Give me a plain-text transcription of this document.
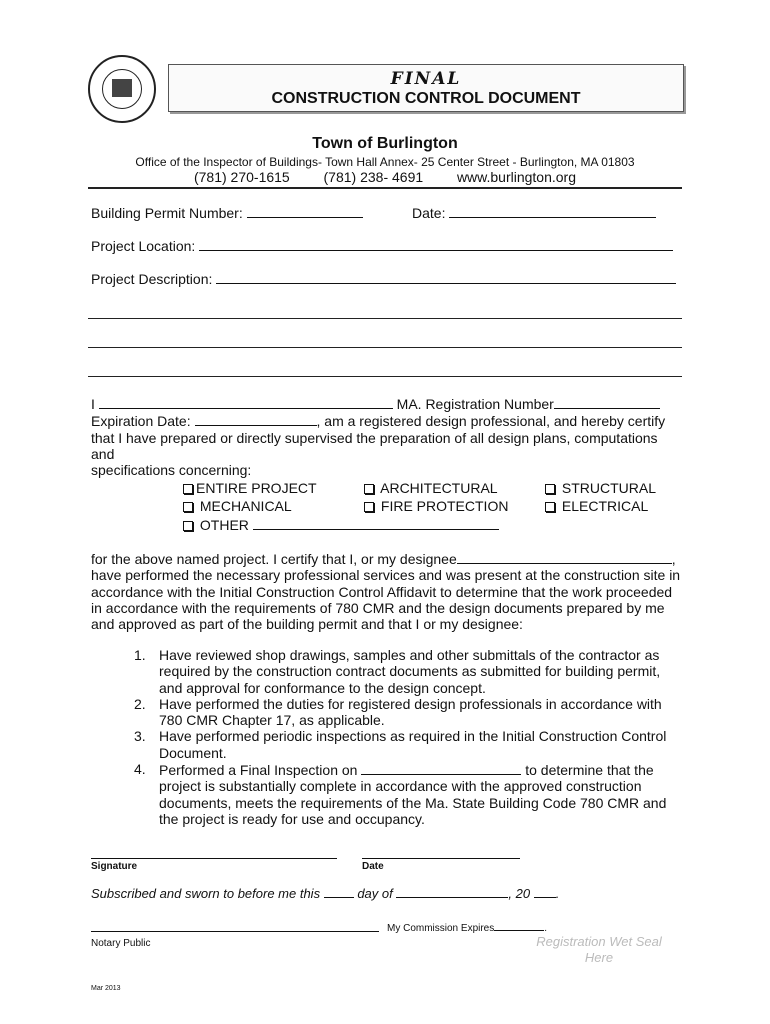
FINAL
CONSTRUCTION CONTROL DOCUMENT
Town of Burlington
Office of the Inspector of Buildings- Town Hall Annex- 25 Center Street - Burlington, MA 01803
(781) 270-1615 (781) 238- 4691 www.burlington.org
Building Permit Number:	Date:
Project Location:
Project Description:
I	MA. Registration Number
Expiration Date:	, am a registered design professional, and hereby certify
that I have prepared or directly supervised the preparation of all design plans, computations and
specifications concerning:
ENTIRE PROJECT	ARCHITECTURAL	STRUCTURAL
MECHANICAL	FIRE PROTECTION	ELECTRICAL
OTHER
for the above named project. I certify that I, or my designee	,
have performed the necessary professional services and was present at the construction site in
accordance with the Initial Construction Control Affidavit to determine that the work proceeded
in accordance with the requirements of 780 CMR and the design documents prepared by me
and approved as part of the building permit and that I or my designee:
1. Have reviewed shop drawings, samples and other submittals of the contractor as
required by the construction contract documents as submitted for building permit,
and approval for conformance to the design concept.
2. Have performed the duties for registered design professionals in accordance with
780 CMR Chapter 17, as applicable.
3. Have performed periodic inspections as required in the Initial Construction Control
Document.
4. Performed a Final Inspection on	to determine that the
project is substantially complete in accordance with the approved construction
documents, meets the requirements of the Ma. State Building Code 780 CMR and
the project is ready for use and occupancy.
Signature	Date
Subscribed and sworn to before me this	day of	, 20 .
My Commission Expires	.
Notary Public	Registration Wet Seal
Here
Mar 2013
